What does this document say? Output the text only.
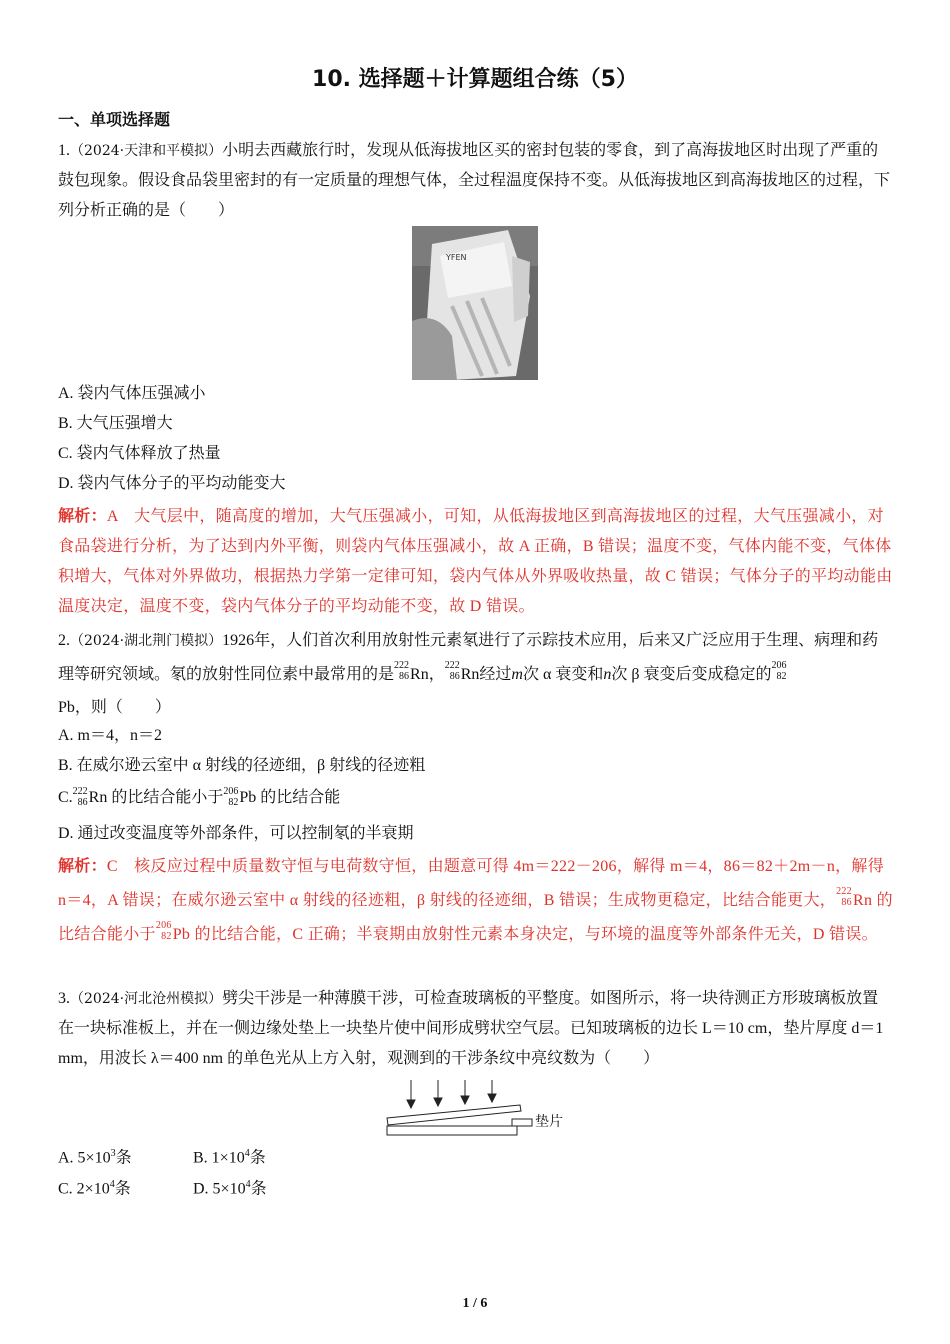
10. 选择题＋计算题组合练（5）
一、单项选择题
1.（2024·天津和平模拟）小明去西藏旅行时，发现从低海拔地区买的密封包装的零食，到了高海拔地区时出现了严重的鼓包现象。假设食品袋里密封的有一定质量的理想气体，全过程温度保持不变。从低海拔地区到高海拔地区的过程，下列分析正确的是（　　）
YFEN
A. 袋内气体压强减小
B. 大气压强增大
C. 袋内气体释放了热量
D. 袋内气体分子的平均动能变大
解析：A　大气层中，随高度的增加，大气压强减小，可知，从低海拔地区到高海拔地区的过程，大气压强减小，对食品袋进行分析，为了达到内外平衡，则袋内气体压强减小，故 A 正确，B 错误；温度不变，气体内能不变，气体体积增大，气体对外界做功，根据热力学第一定律可知，袋内气体从外界吸收热量，故 C 错误；气体分子的平均动能由温度决定，温度不变，袋内气体分子的平均动能不变，故 D 错误。
2.（2024·湖北荆门模拟）1926年，人们首次利用放射性元素氡进行了示踪技术应用，后来又广泛应用于生理、病理和药理等研究领域。氡的放射性同位素中最常用的是
$^{222 86}$ Rn，
$^{222 86}$ Rn经过m次 α 衰变和n次 β 衰变后变成稳定的
$^{206 82}$
Pb，则（　　）
A. m＝4，n＝2
B. 在威尔逊云室中 α 射线的径迹细，β 射线的径迹粗
C. $^{222 86}$ Rn 的比结合能小于 $^{206 82}$ Pb 的比结合能
D. 通过改变温度等外部条件，可以控制氡的半衰期
解析：C　核反应过程中质量数守恒与电荷数守恒，由题意可得 4m＝222－206，解得 m＝4，86＝82＋2m－n，解得 n＝4，A 错误；在威尔逊云室中 α 射线的径迹粗，β 射线的径迹细，B 错误；生成物更稳定，比结合能更大，
$^{222 86}$ Rn 的比结合能小于
$^{206 82}$ Pb 的比结合能，C 正确；半衰期由放射性元素本身决定，与环境的温度等外部条件无关，D 错误。
3.（2024·河北沧州模拟）劈尖干涉是一种薄膜干涉，可检查玻璃板的平整度。如图所示，将一块待测正方形玻璃板放置在一块标准板上，并在一侧边缘处垫上一块垫片使中间形成劈状空气层。已知玻璃板的边长 L＝10 cm，垫片厚度 d＝1 mm，用波长 λ＝400 nm 的单色光从上方入射，观测到的干涉条纹中亮纹数为（　　）
垫片
A. $5\times 10^3$条	B. $1\times 10^4$条
C. $2\times 10^4$条	D. $5\times 10^4$条
1 / 6
